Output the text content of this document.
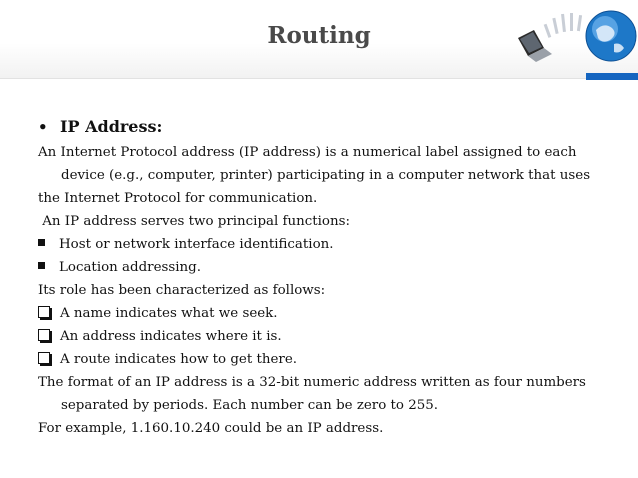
Routing
• IP Address:
An Internet Protocol address (IP address) is a numerical label assigned to each device (e.g., computer, printer) participating in a computer network that uses
the Internet Protocol for communication.
An IP address serves two principal functions:
Host or network interface identification.
Location addressing.
Its role has been characterized as follows:
A name indicates what we seek.
An address indicates where it is.
A route indicates how to get there.
The format of an IP address is a 32-bit numeric address written as four numbers separated by periods. Each number can be zero to 255.
For example, 1.160.10.240 could be an IP address.
